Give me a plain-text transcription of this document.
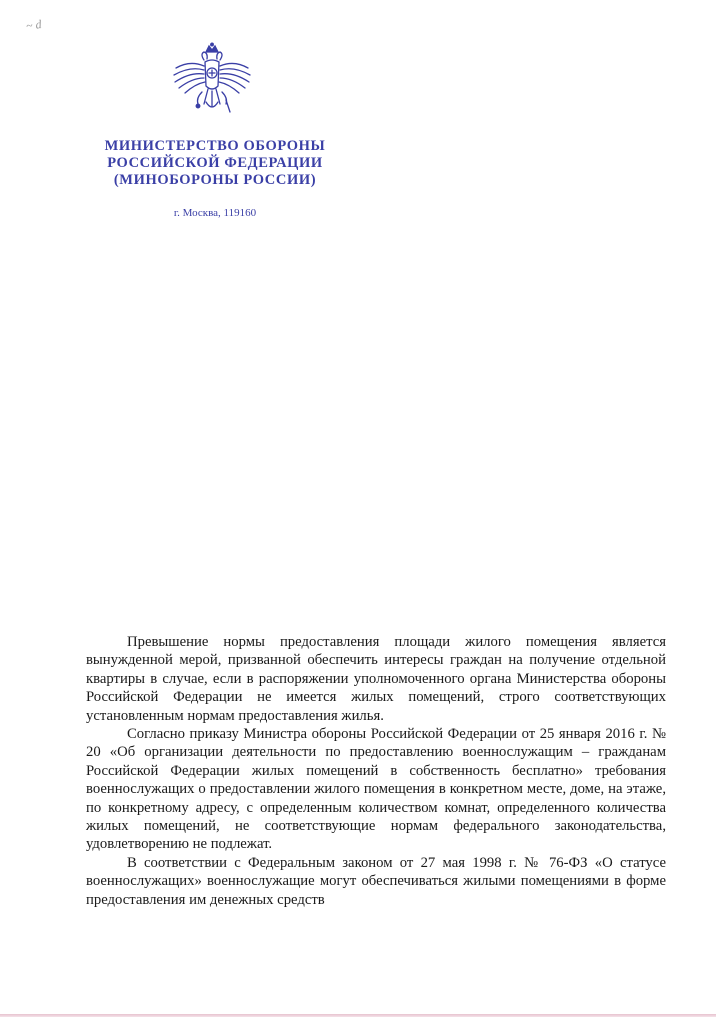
~ d
МИНИСТЕРСТВО ОБОРОНЫ
РОССИЙСКОЙ ФЕДЕРАЦИИ
(МИНОБОРОНЫ РОССИИ)
г. Москва, 119160

Превышение нормы предоставления площади жилого помещения является вынужденной мерой, призванной обеспечить интересы граждан на получение отдельной квартиры в случае, если в распоряжении уполномоченного органа Министерства обороны Российской Федерации не имеется жилых помещений, строго соответствующих установленным нормам предоставления жилья.

Согласно приказу Министра обороны Российской Федерации от 25 января 2016 г. № 20 «Об организации деятельности по предоставлению военнослужащим – гражданам Российской Федерации жилых помещений в собственность бесплатно» требования военнослужащих о предоставлении жилого помещения в конкретном месте, доме, на этаже, по конкретному адресу, с определенным количеством комнат, определенного количества жилых помещений, не соответствующие нормам федерального законодательства, удовлетворению не подлежат.

В соответствии с Федеральным законом от 27 мая 1998 г. № 76-ФЗ «О статусе военнослужащих» военнослужащие могут обеспечиваться жилыми помещениями в форме предоставления им денежных средств
